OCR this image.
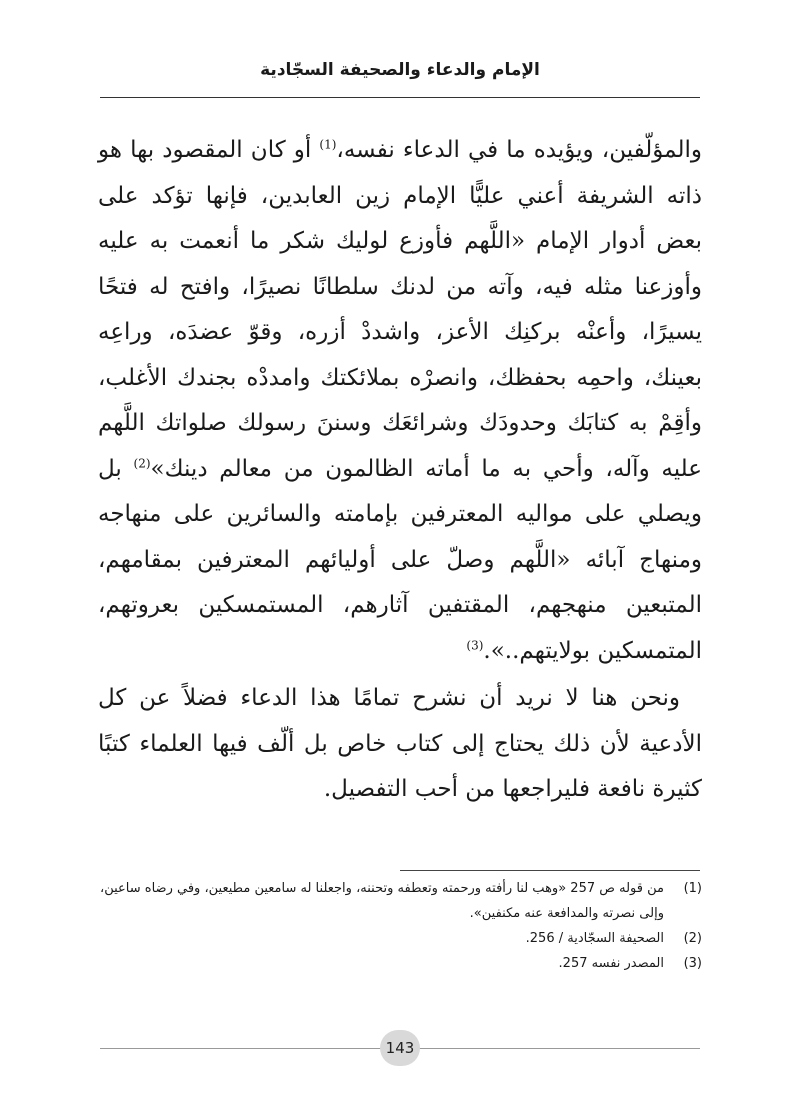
الإمام والدعاء والصحيفة السجّادية

والمؤلّفين، ويؤيده ما في الدعاء نفسه،$^{(1)}$ أو كان المقصود بها هو ذاته الشريفة أعني عليًّا الإمام زين العابدين، فإنها تؤكد على بعض أدوار الإمام «اللَّهم فأوزع لوليك شكر ما أنعمت به عليه وأوزعنا مثله فيه، وآته من لدنك سلطانًا نصيرًا، وافتح له فتحًا يسيرًا، وأعنْه بركنِك الأعز، واشددْ أزره، وقوّ عضدَه، وراعِه بعينك، واحمِه بحفظك، وانصرْه بملائكتك وامددْه بجندك الأغلب، وأقِمْ به كتابَك وحدودَك وشرائعَك وسننَ رسولك صلواتك اللَّهم عليه وآله، وأحي به ما أماته الظالمون من معالم دينك»$^{(2)}$ بل ويصلي على مواليه المعترفين بإمامته والسائرين على منهاجه ومنهاج آبائه «اللَّهم وصلّ على أوليائهم المعترفين بمقامهم، المتبعين منهجهم، المقتفين آثارهم، المستمسكين بعروتهم، المتمسكين بولايتهم..».$^{(3)}$

ونحن هنا لا نريد أن نشرح تمامًا هذا الدعاء فضلاً عن كل الأدعية لأن ذلك يحتاج إلى كتاب خاص بل ألّف فيها العلماء كتبًا كثيرة نافعة فليراجعها من أحب التفصيل.

(1)
من قوله ص 257 «وهب لنا رأفته ورحمته وتعطفه وتحننه، واجعلنا له سامعين مطيعين، وفي رضاه ساعين، وإلى نصرته والمدافعة عنه مكنفين».
(2)
الصحيفة السجّادية / 256.
(3)
المصدر نفسه 257.
143
